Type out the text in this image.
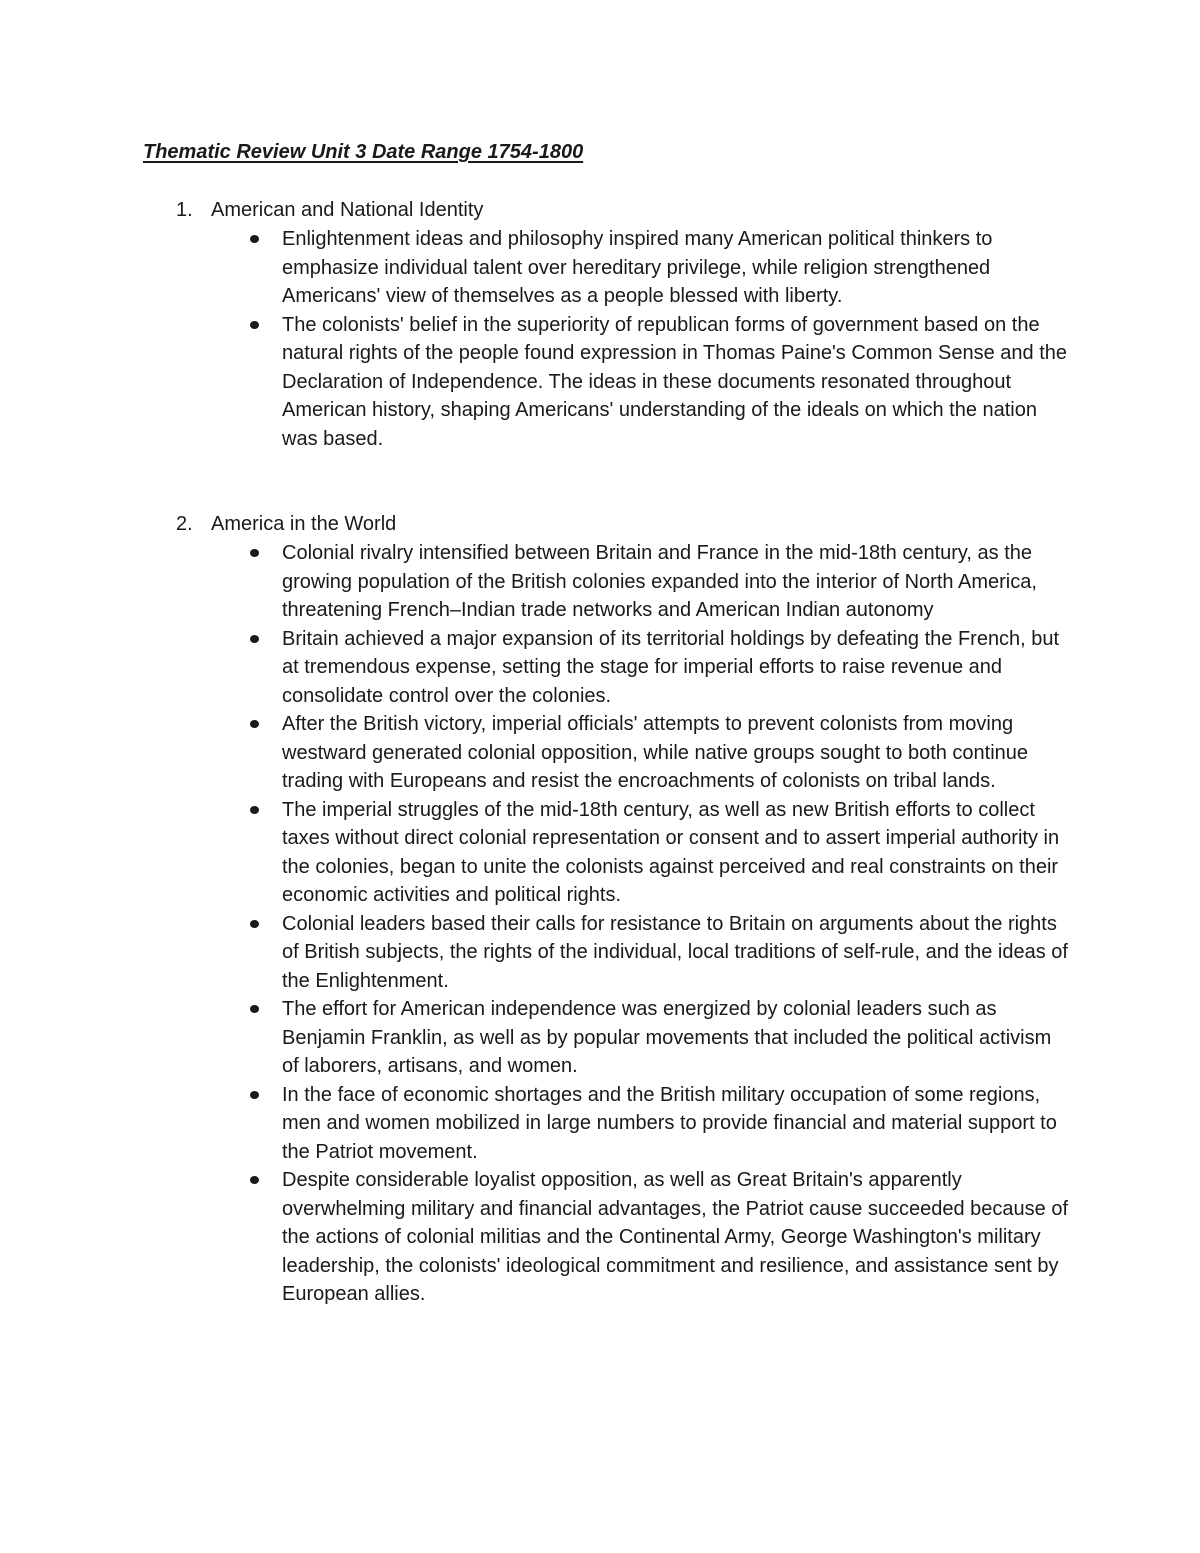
Thematic Review Unit 3 Date Range 1754-1800
1. American and National Identity
Enlightenment ideas and philosophy inspired many American political thinkers to emphasize individual talent over hereditary privilege, while religion strengthened Americans' view of themselves as a people blessed with liberty.
The colonists' belief in the superiority of republican forms of government based on the natural rights of the people found expression in Thomas Paine's Common Sense and the Declaration of Independence. The ideas in these documents resonated throughout American history, shaping Americans' understanding of the ideals on which the nation was based.
2. America in the World
Colonial rivalry intensified between Britain and France in the mid-18th century, as the growing population of the British colonies expanded into the interior of North America, threatening French–Indian trade networks and American Indian autonomy
Britain achieved a major expansion of its territorial holdings by defeating the French, but at tremendous expense, setting the stage for imperial efforts to raise revenue and consolidate control over the colonies.
After the British victory, imperial officials' attempts to prevent colonists from moving westward generated colonial opposition, while native groups sought to both continue trading with Europeans and resist the encroachments of colonists on tribal lands.
The imperial struggles of the mid-18th century, as well as new British efforts to collect taxes without direct colonial representation or consent and to assert imperial authority in the colonies, began to unite the colonists against perceived and real constraints on their economic activities and political rights.
Colonial leaders based their calls for resistance to Britain on arguments about the rights of British subjects, the rights of the individual, local traditions of self-rule, and the ideas of the Enlightenment.
The effort for American independence was energized by colonial leaders such as Benjamin Franklin, as well as by popular movements that included the political activism of laborers, artisans, and women.
In the face of economic shortages and the British military occupation of some regions, men and women mobilized in large numbers to provide financial and material support to the Patriot movement.
Despite considerable loyalist opposition, as well as Great Britain's apparently overwhelming military and financial advantages, the Patriot cause succeeded because of the actions of colonial militias and the Continental Army, George Washington's military leadership, the colonists' ideological commitment and resilience, and assistance sent by European allies.
